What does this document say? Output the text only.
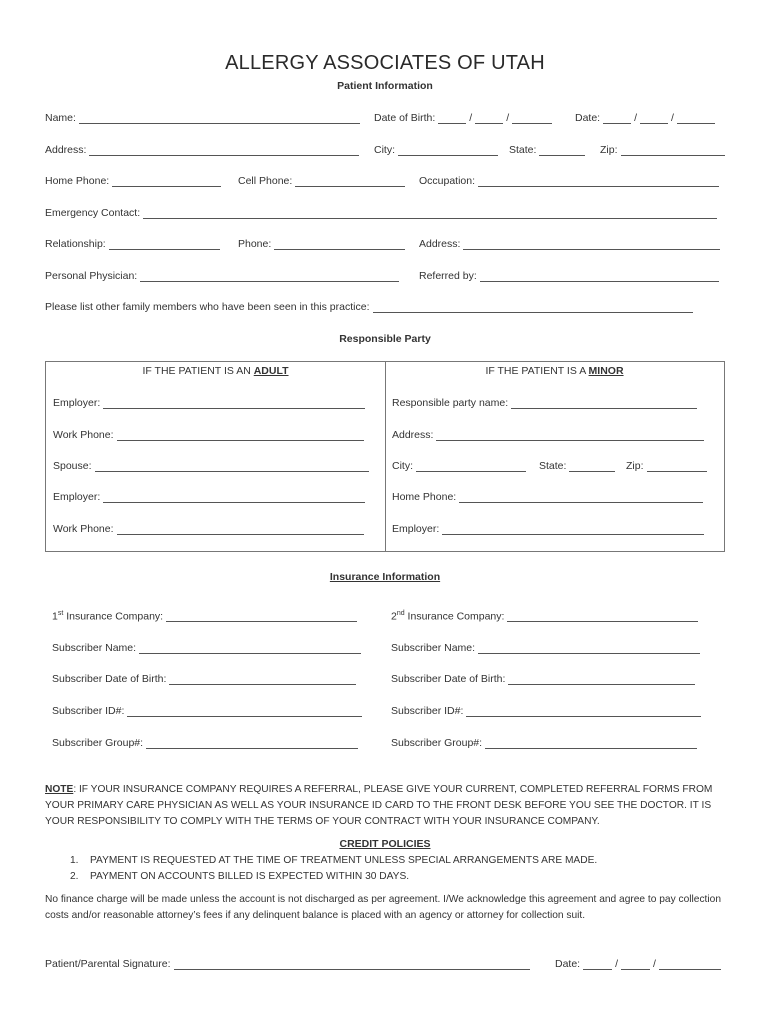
ALLERGY ASSOCIATES OF UTAH
Patient Information
Name:	Date of Birth:	/	/	Date:	/	/
Address:	City:	State:	Zip:
Home Phone:	Cell Phone:	Occupation:
Emergency Contact:
Relationship:	Phone:	Address:
Personal Physician:	Referred by:
Please list other family members who have been seen in this practice:
Responsible Party
IF THE PATIENT IS AN ADULT	IF THE PATIENT IS A MINOR
Employer:
Work Phone:
Spouse:
Employer:
Work Phone:
Responsible party name:
Address:
City:	State:	Zip:
Home Phone:
Employer:
Insurance Information
1st Insurance Company:	2nd Insurance Company:
Subscriber Name:	Subscriber Name:
Subscriber Date of Birth:	Subscriber Date of Birth:
Subscriber ID#:	Subscriber ID#:
Subscriber Group#:	Subscriber Group#:
NOTE: IF YOUR INSURANCE COMPANY REQUIRES A REFERRAL, PLEASE GIVE YOUR CURRENT, COMPLETED REFERRAL FORMS FROM YOUR PRIMARY CARE PHYSICIAN AS WELL AS YOUR INSURANCE ID CARD TO THE FRONT DESK BEFORE YOU SEE THE DOCTOR. IT IS YOUR RESPONSIBILITY TO COMPLY WITH THE TERMS OF YOUR CONTRACT WITH YOUR INSURANCE COMPANY.
CREDIT POLICIES
1. PAYMENT IS REQUESTED AT THE TIME OF TREATMENT UNLESS SPECIAL ARRANGEMENTS ARE MADE.
2. PAYMENT ON ACCOUNTS BILLED IS EXPECTED WITHIN 30 DAYS.
No finance charge will be made unless the account is not discharged as per agreement. I/We acknowledge this agreement and agree to pay collection costs and/or reasonable attorney’s fees if any delinquent balance is placed with an agency or attorney for collection suit.
Patient/Parental Signature:	Date:	/	/
